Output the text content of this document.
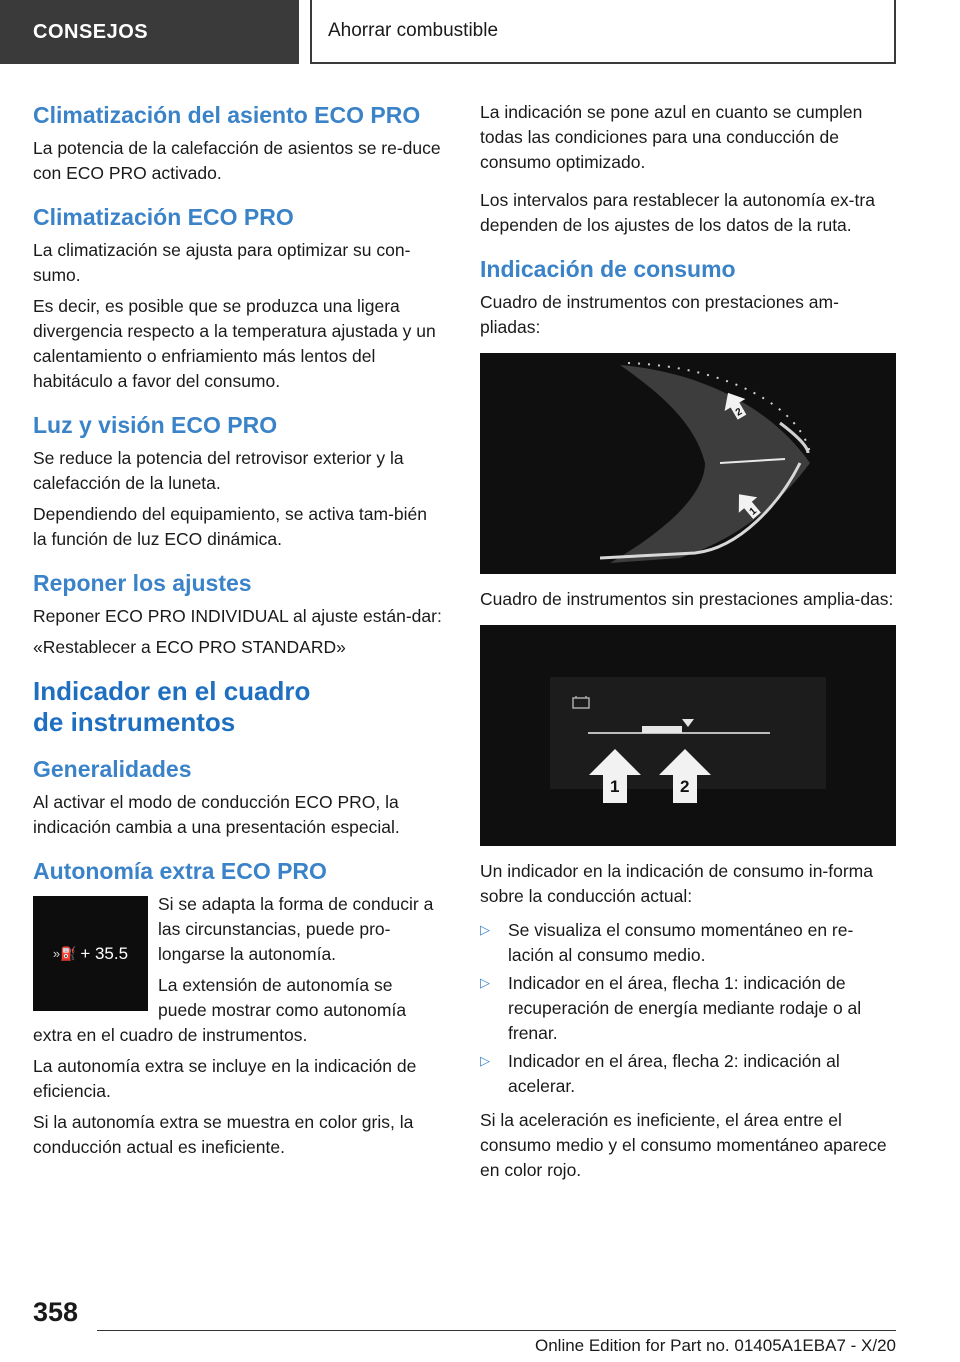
CONSEJOS	Ahorrar combustible
Climatización del asiento ECO PRO

La potencia de la calefacción de asientos se re-duce con ECO PRO activado.

Climatización ECO PRO

La climatización se ajusta para optimizar su con-sumo.

Es decir, es posible que se produzca una ligera divergencia respecto a la temperatura ajustada y un calentamiento o enfriamiento más lentos del habitáculo a favor del consumo.

Luz y visión ECO PRO

Se reduce la potencia del retrovisor exterior y la calefacción de la luneta.

Dependiendo del equipamiento, se activa tam-bién la función de luz ECO dinámica.

Reponer los ajustes

Reponer ECO PRO INDIVIDUAL al ajuste están-dar:

«Restablecer a ECO PRO STANDARD»

Indicador en el cuadro
de instrumentos
Generalidades

Al activar el modo de conducción ECO PRO, la indicación cambia a una presentación especial.

Autonomía extra ECO PRO
»⛽ + 35.5

Si se adapta la forma de conducir a las circunstancias, puede pro-longarse la autonomía.

La extensión de autonomía se puede mostrar como autonomía extra en el cuadro de instrumentos.

La autonomía extra se incluye en la indicación de eficiencia.

Si la autonomía extra se muestra en color gris, la conducción actual es ineficiente.

La indicación se pone azul en cuanto se cumplen todas las condiciones para una conducción de consumo optimizado.

Los intervalos para restablecer la autonomía ex-tra dependen de los ajustes de los datos de la ruta.

Indicación de consumo

Cuadro de instrumentos con prestaciones am-pliadas:

2
1

Cuadro de instrumentos sin prestaciones amplia-das:

1	2

Un indicador en la indicación de consumo in-forma sobre la conducción actual:

▷	Se visualiza el consumo momentáneo en re-lación al consumo medio.
▷	Indicador en el área, flecha 1: indicación de recuperación de energía mediante rodaje o al frenar.
▷	Indicador en el área, flecha 2: indicación al acelerar.

Si la aceleración es ineficiente, el área entre el consumo medio y el consumo momentáneo aparece en color rojo.

358
Online Edition for Part no. 01405A1EBA7 - X/20
